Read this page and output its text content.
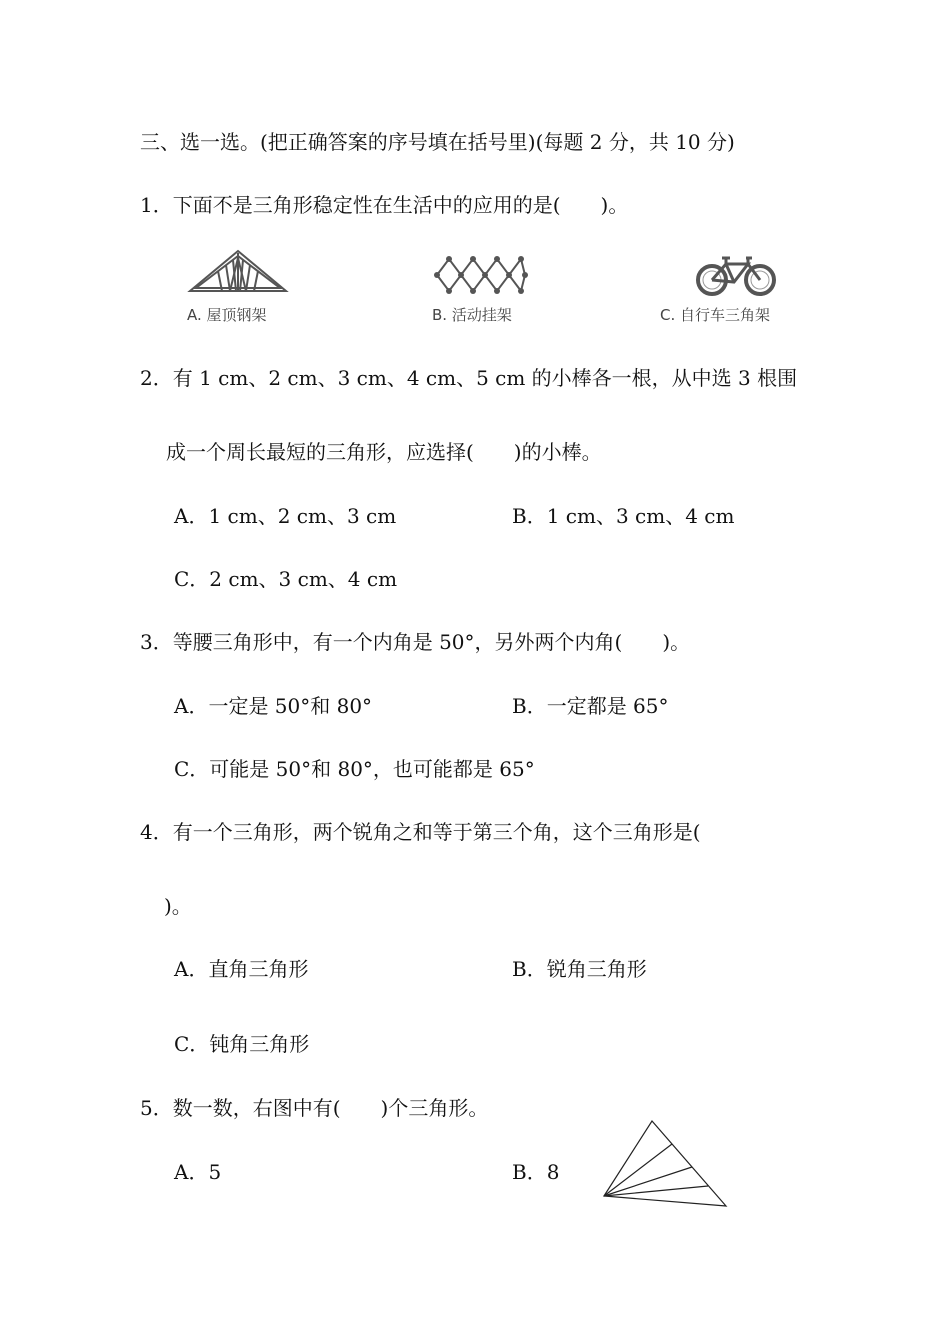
三、选一选。(把正确答案的序号填在括号里)(每题 2 分，共 10 分)
1．下面不是三角形稳定性在生活中的应用的是(　　)。
A. 屋顶钢架	B. 活动挂架	C. 自行车三角架
2．有 1 cm、2 cm、3 cm、4 cm、5 cm 的小棒各一根，从中选 3 根围
成一个周长最短的三角形，应选择(　　)的小棒。
A．1 cm、2 cm、3 cm	B．1 cm、3 cm、4 cm
C．2 cm、3 cm、4 cm
3．等腰三角形中，有一个内角是 50°，另外两个内角(　　)。
A．一定是 50°和 80°	B．一定都是 65°
C．可能是 50°和 80°，也可能都是 65°
4．有一个三角形，两个锐角之和等于第三个角，这个三角形是(
)。
A．直角三角形	B．锐角三角形
C．钝角三角形
5．数一数，右图中有(　　)个三角形。
A．5	B．8
